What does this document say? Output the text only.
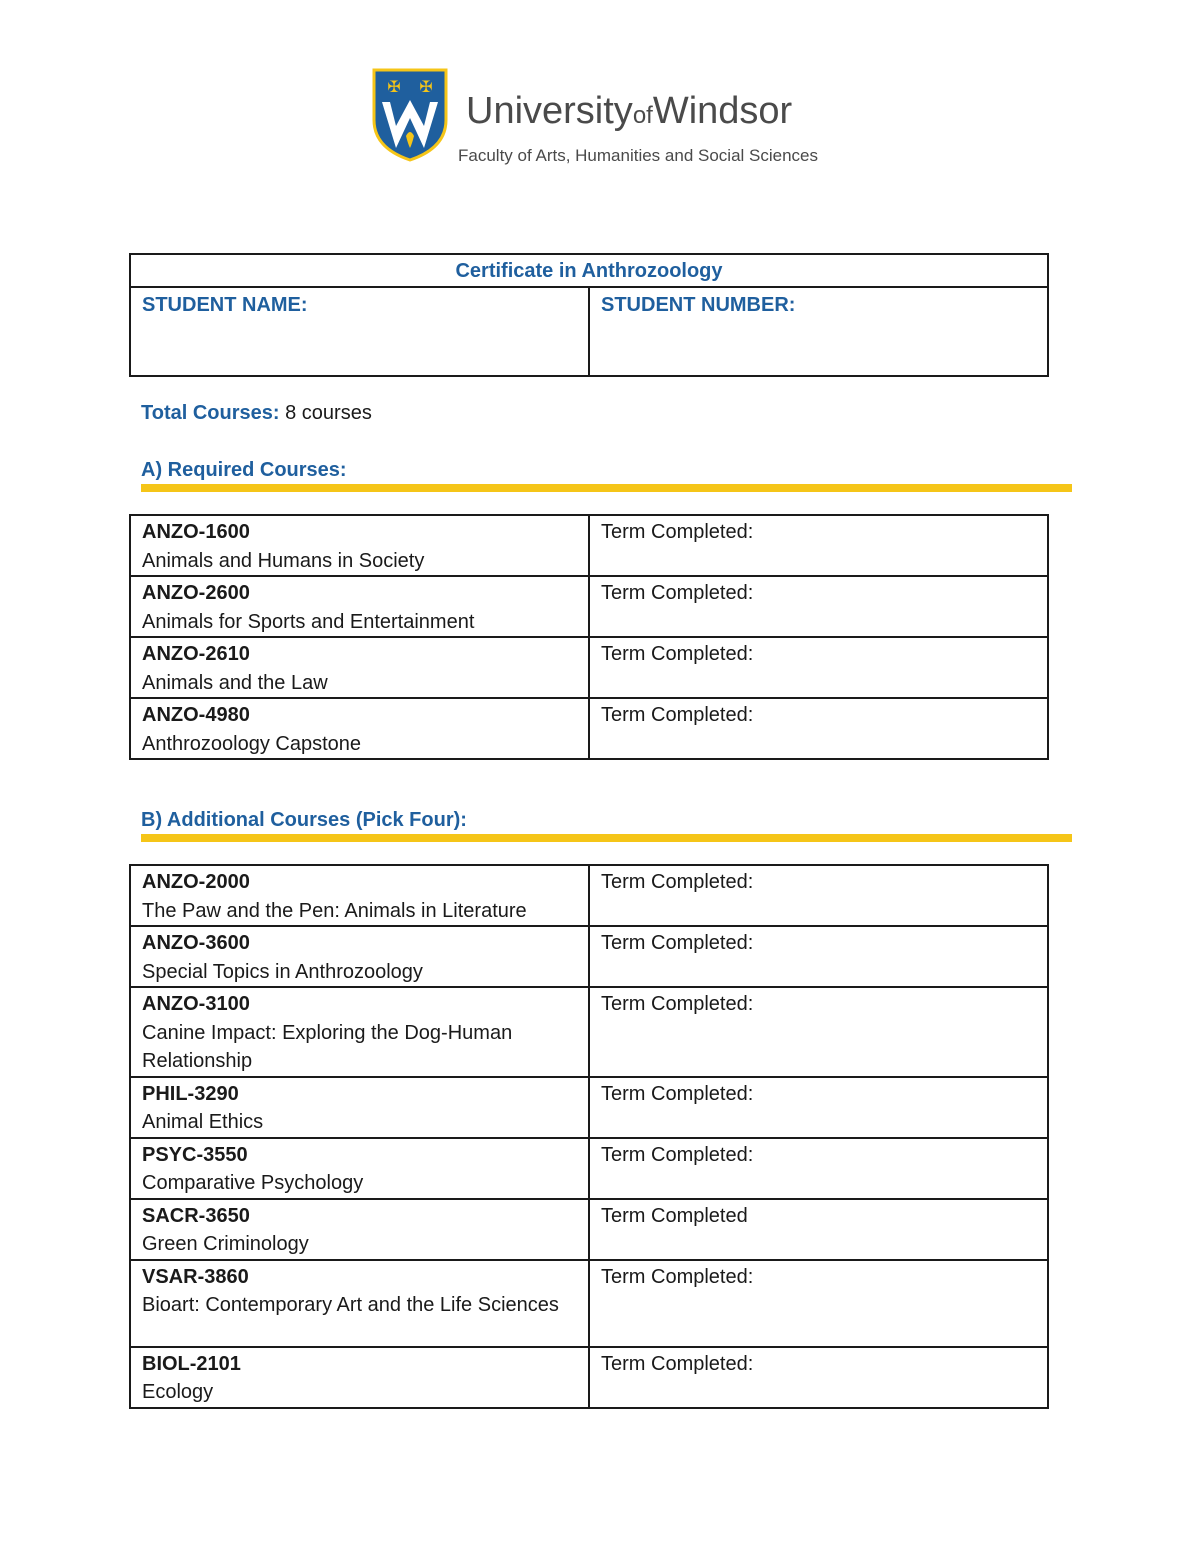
✠ ✠
UniversityofWindsor
Faculty of Arts, Humanities and Social Sciences
Certificate in Anthrozoology
STUDENT NAME:	STUDENT NUMBER:
Total Courses: 8 courses
A) Required Courses:
ANZO-1600
Animals and Humans in Society	Term Completed:

ANZO-2600
Animals for Sports and Entertainment	Term Completed:

ANZO-2610
Animals and the Law	Term Completed:

ANZO-4980
Anthrozoology Capstone	Term Completed:
B) Additional Courses (Pick Four):
ANZO-2000
The Paw and the Pen: Animals in Literature	Term Completed:

ANZO-3600
Special Topics in Anthrozoology	Term Completed:

ANZO-3100
Canine Impact: Exploring the Dog-Human Relationship	Term Completed:

PHIL-3290
Animal Ethics	Term Completed:

PSYC-3550
Comparative Psychology	Term Completed:

SACR-3650
Green Criminology	Term Completed

VSAR-3860
Bioart: Contemporary Art and the Life Sciences	Term Completed:

BIOL-2101
Ecology	Term Completed:
